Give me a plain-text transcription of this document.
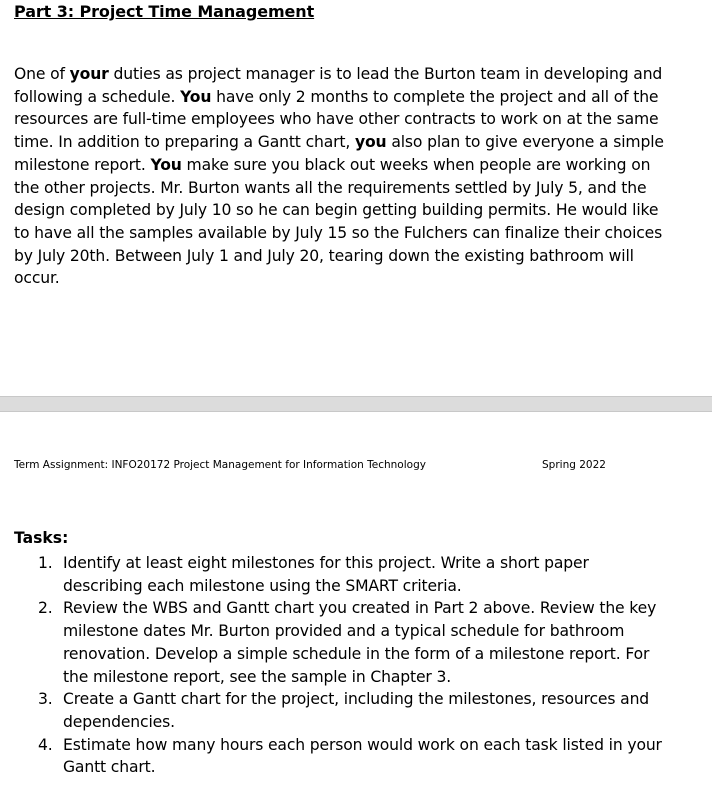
Part 3: Project Time Management
One of your duties as project manager is to lead the Burton team in developing and following a schedule. You have only 2 months to complete the project and all of the resources are full-time employees who have other contracts to work on at the same time. In addition to preparing a Gantt chart, you also plan to give everyone a simple milestone report. You make sure you black out weeks when people are working on the other projects. Mr. Burton wants all the requirements settled by July 5, and the design completed by July 10 so he can begin getting building permits. He would like to have all the samples available by July 15 so the Fulchers can finalize their choices by July 20th. Between July 1 and July 20, tearing down the existing bathroom will occur.
Term Assignment: INFO20172 Project Management for Information Technology	Spring 2022
Tasks:
1. Identify at least eight milestones for this project. Write a short paper describing each milestone using the SMART criteria.
2. Review the WBS and Gantt chart you created in Part 2 above. Review the key milestone dates Mr. Burton provided and a typical schedule for bathroom renovation. Develop a simple schedule in the form of a milestone report. For the milestone report, see the sample in Chapter 3.
3. Create a Gantt chart for the project, including the milestones, resources and dependencies.
4. Estimate how many hours each person would work on each task listed in your Gantt chart.
